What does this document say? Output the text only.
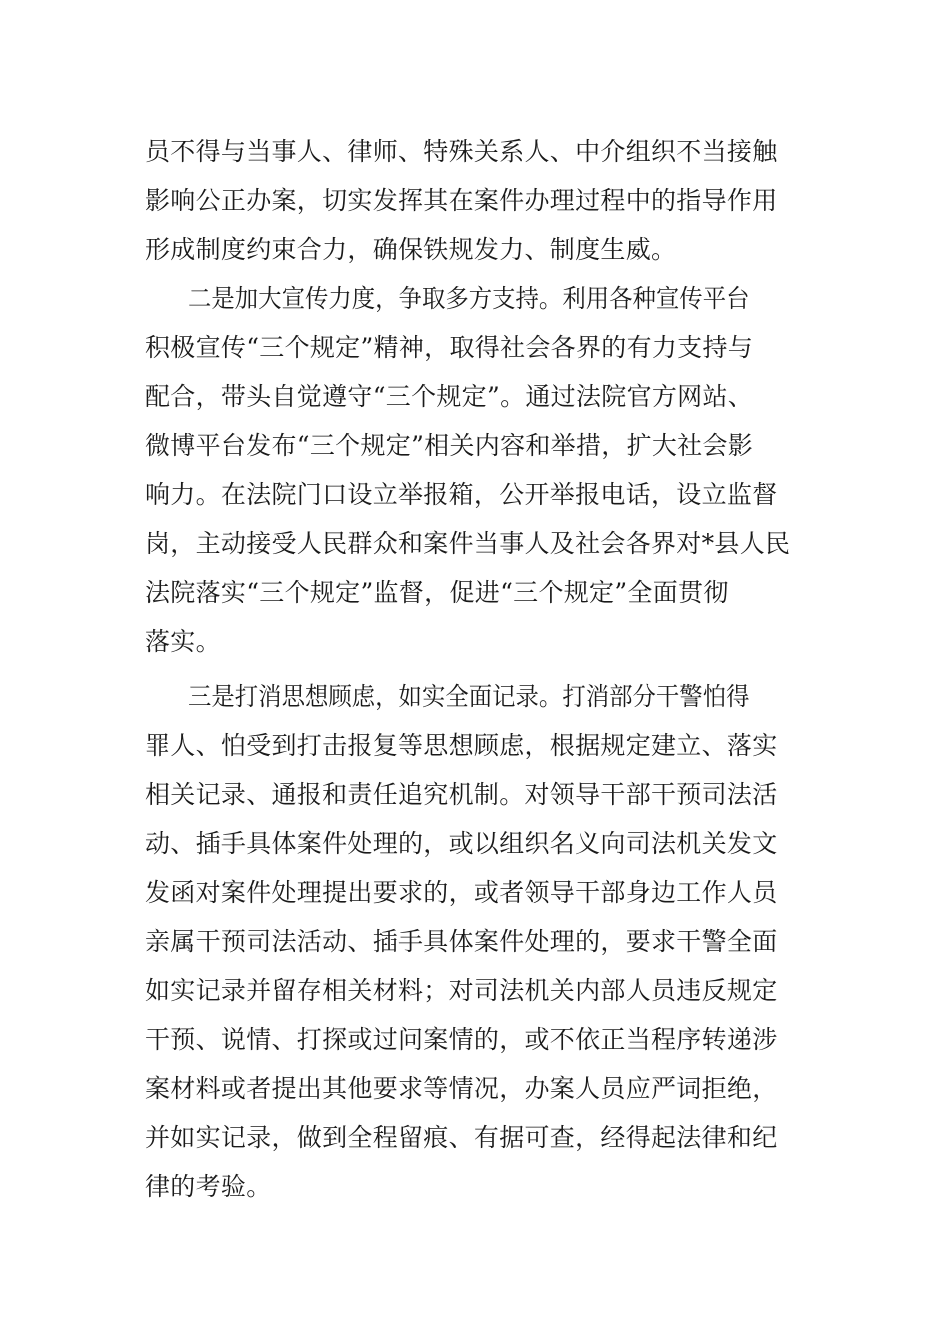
员不得与当事人、律师、特殊关系人、中介组织不当接触
影响公正办案，切实发挥其在案件办理过程中的指导作用
形成制度约束合力，确保铁规发力、制度生威。
二是加大宣传力度，争取多方支持。利用各种宣传平台
积极宣传“三个规定”精神，取得社会各界的有力支持与
配合，带头自觉遵守“三个规定”。通过法院官方网站、
微博平台发布“三个规定”相关内容和举措，扩大社会影
响力。在法院门口设立举报箱，公开举报电话，设立监督
岗，主动接受人民群众和案件当事人及社会各界对*县人民
法院落实“三个规定”监督，促进“三个规定”全面贯彻
落实。
三是打消思想顾虑，如实全面记录。打消部分干警怕得
罪人、怕受到打击报复等思想顾虑，根据规定建立、落实
相关记录、通报和责任追究机制。对领导干部干预司法活
动、插手具体案件处理的，或以组织名义向司法机关发文
发函对案件处理提出要求的，或者领导干部身边工作人员
亲属干预司法活动、插手具体案件处理的，要求干警全面
如实记录并留存相关材料；对司法机关内部人员违反规定
干预、说情、打探或过问案情的，或不依正当程序转递涉
案材料或者提出其他要求等情况，办案人员应严词拒绝，
并如实记录，做到全程留痕、有据可查，经得起法律和纪
律的考验。
